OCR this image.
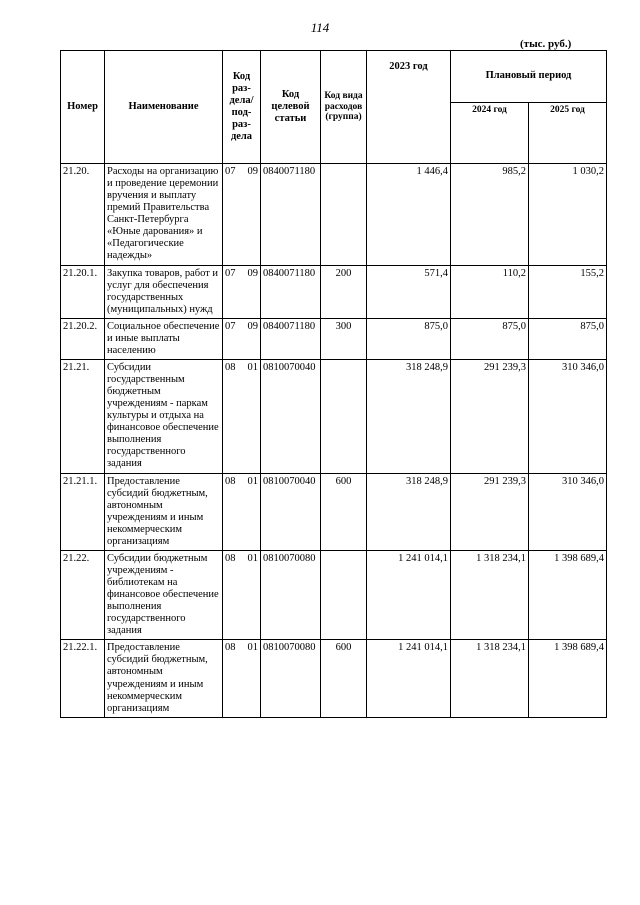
114
(тыс. руб.)
Номер	Наименование	Код раз- дела/ под- раз- дела	Код целевой статьи	Код вида расходов (группа)	2023 год	Плановый период	
						2024 год	2025 год
21.20.	Расходы на организацию и проведение церемонии вручения и выплату премий Правительства Санкт-Петербурга «Юные дарования» и «Педагогические надежды»	07 09	0840071180		1 446,4	985,2	1 030,2
21.20.1.	Закупка товаров, работ и услуг для обеспечения государственных (муниципальных) нужд	07 09	0840071180	200	571,4	110,2	155,2
21.20.2.	Социальное обеспечение и иные выплаты населению	07 09	0840071180	300	875,0	875,0	875,0
21.21.	Субсидии государственным бюджетным учреждениям - паркам культуры и отдыха на финансовое обеспечение выполнения государственного задания	08 01	0810070040		318 248,9	291 239,3	310 346,0
21.21.1.	Предоставление субсидий бюджетным, автономным учреждениям и иным некоммерческим организациям	08 01	0810070040	600	318 248,9	291 239,3	310 346,0
21.22.	Субсидии бюджетным учреждениям - библиотекам на финансовое обеспечение выполнения государственного задания	08 01	0810070080		1 241 014,1	1 318 234,1	1 398 689,4
21.22.1.	Предоставление субсидий бюджетным, автономным учреждениям и иным некоммерческим организациям	08 01	0810070080	600	1 241 014,1	1 318 234,1	1 398 689,4
